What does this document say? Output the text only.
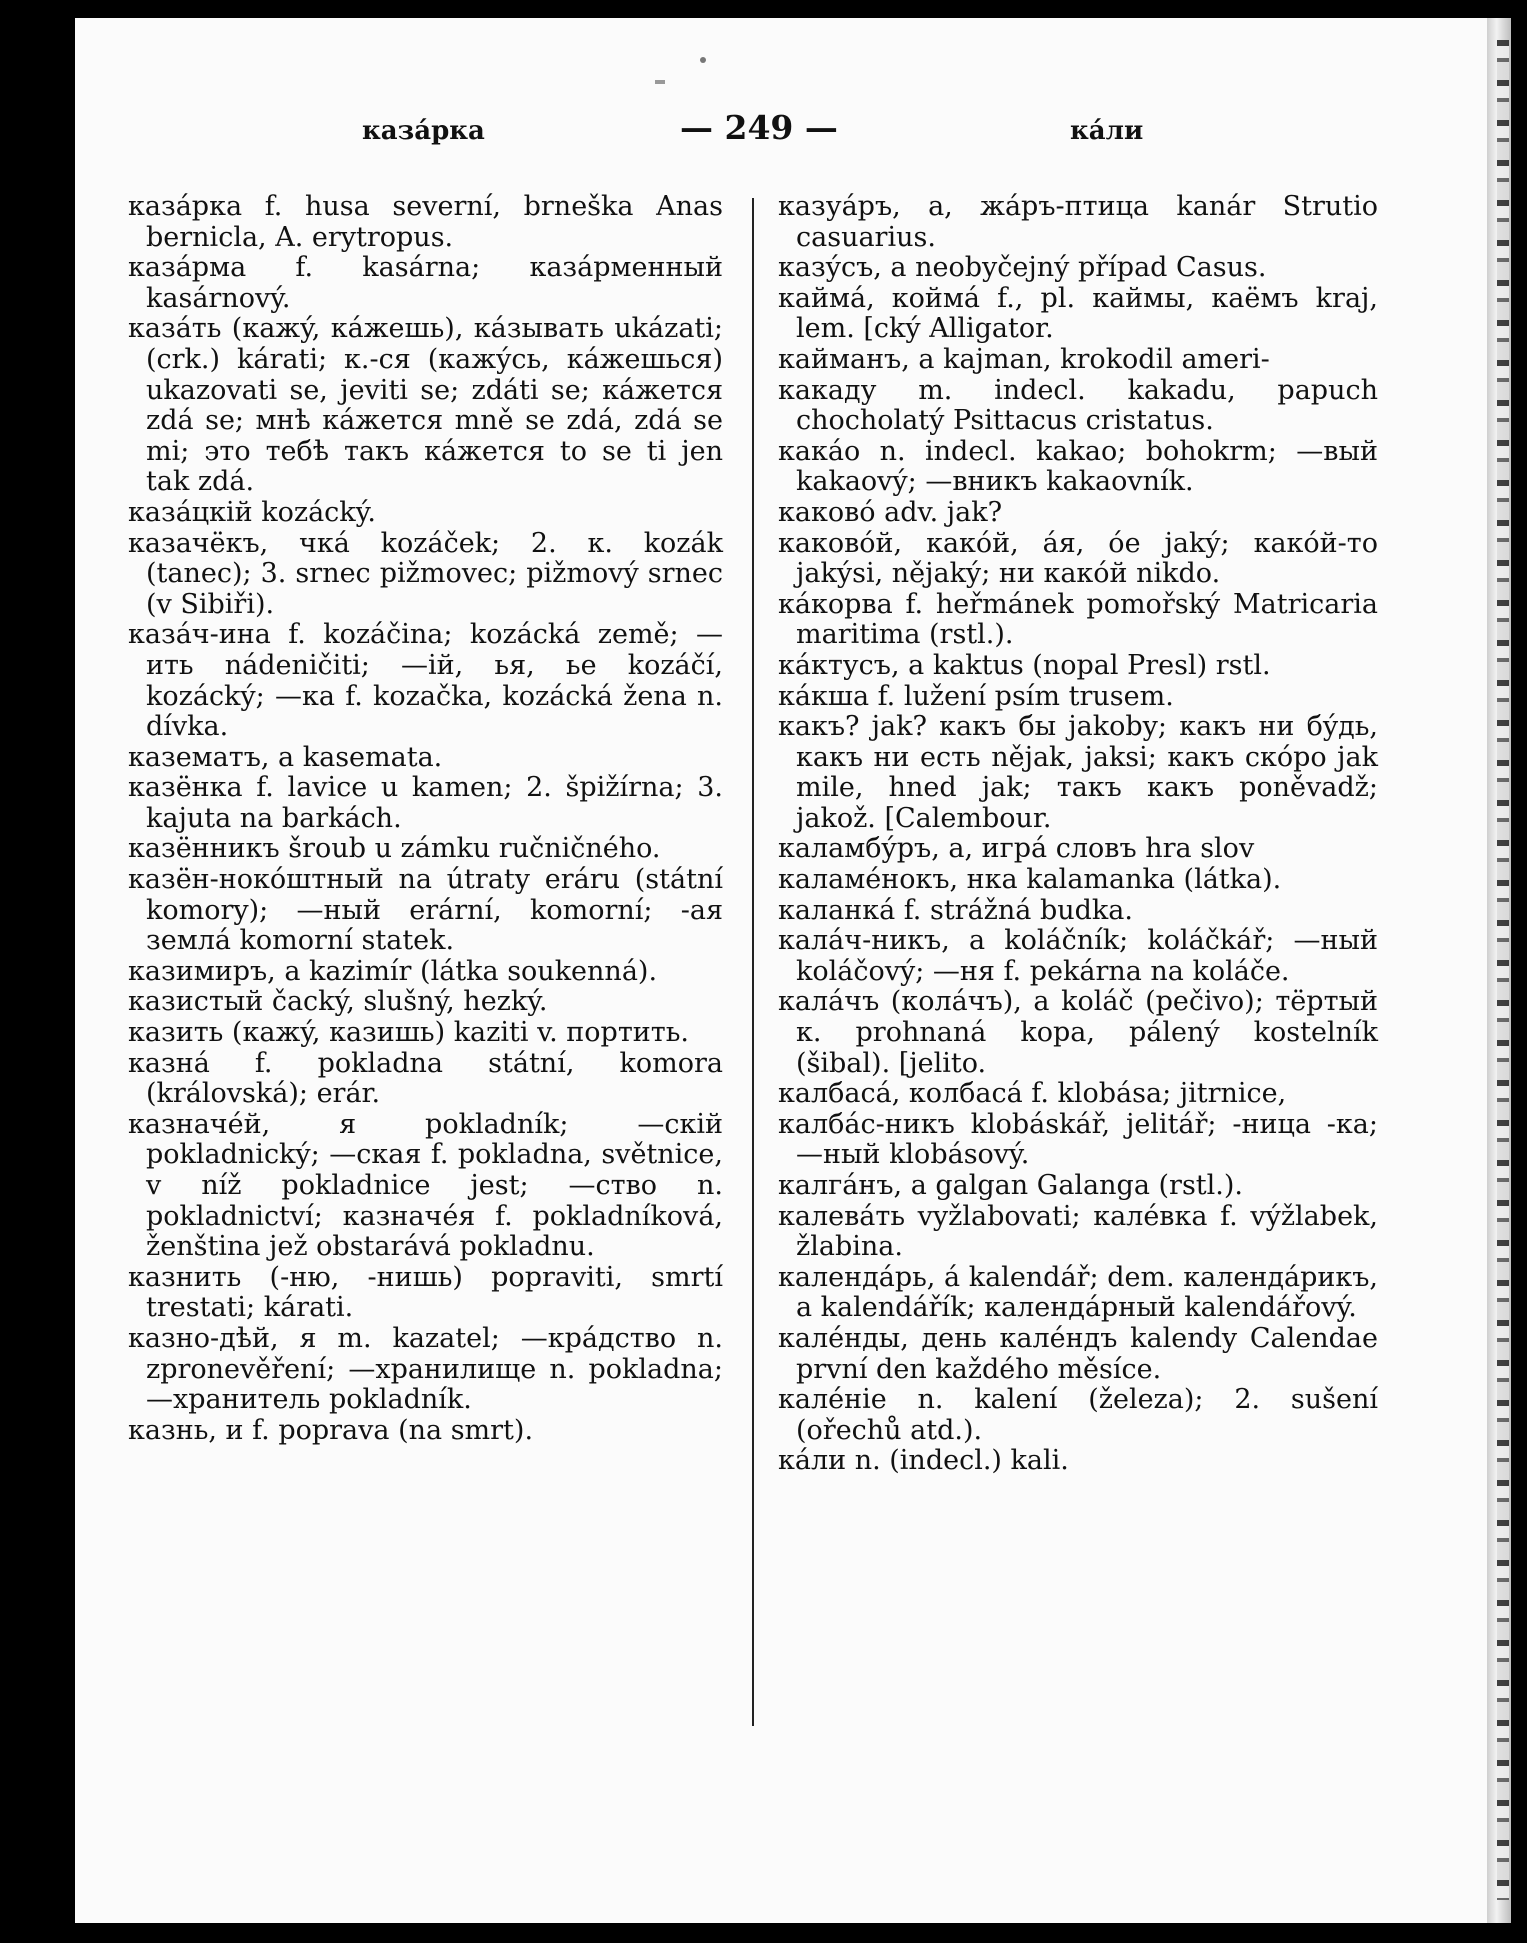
казáрка	— 249 —	кáли

казáрка f. husa severní, brneška Anas bernicla, A. erytropus.

казáрма f. kasárna; казáрменный kasárnový.

казáть (кажý, кáжешь), кáзывать ukázati; (crk.) kárati; к.-ся (кажýсь, кáжешься) ukazovati se, jeviti se; zdáti se; кáжется zdá se; мнѣ кáжется mně se zdá, zdá se mi; это тебѣ такъ кáжется to se ti jen tak zdá.

казáцкій kozácký.

казачёкъ, чкá kozáček; 2. к. kozák (tanec); 3. srnec pižmovec; pižmový srnec (v Sibiři).

казáч-ина f. kozáčina; kozácká země; —ить nádeničiti; —ій, ья, ье kozáčí, kozácký; —ка f. kozačka, kozácká žena n. dívka.

казематъ, а kasemata.

казёнка f. lavice u kamen; 2. špižírna; 3. kajuta na barkách.

казённикъ šroub u zámku ručničného.

казён-нокóштный na útraty eráru (státní komory); —ный erární, komorní; -ая землá komorní statek.

казимиръ, а kazimír (látka soukenná).

казистый čacký, slušný, hezký.

казить (кажý, казишь) kaziti v. портить.

казнá f. pokladna státní, komora (královská); erár.

казначéй, я pokladník; —скій pokladnický; —ская f. pokladna, světnice, v níž pokladnice jest; —ство n. pokladnictví; казначéя f. pokladníková, ženština jež obstarává pokladnu.

казнить (-ню, -нишь) popraviti, smrtí trestati; kárati.

казно-дѣй, я m. kazatel; —крáдство n. zpronevěření; —хранилище n. pokladna; —хранитель pokladník.

казнь, и f. poprava (na smrt).

казуáръ, а, жáръ-птица kanár Strutio casuarius.

казýсъ, а neobyčejný případ Casus.

каймá, коймá f., pl. каймы, каёмъ kraj, lem. [cký Alligator.

кайманъ, а kajman, krokodil ameri-

какаду m. indecl. kakadu, papuch chocholatý Psittacus cristatus.

какáо n. indecl. kakao; bohokrm; —вый kakaový; —вникъ kakaovník.

каковó adv. jak?

каковóй, какóй, áя, óе jaký; какóй-то jakýsi, nějaký; ни какóй nikdo.

кáкорва f. heřmánek pomořský Matricaria maritima (rstl.).

кáктусъ, а kaktus (nopal Presl) rstl.

кáкша f. lužení psím trusem.

какъ? jak? какъ бы jakoby; какъ ни бýдь, какъ ни есть nějak, jaksi; какъ скóро jak mile, hned jak; такъ какъ poněvadž; jakož. [Calembour.

каламбýръ, а, игрá словъ hra slov

каламéнокъ, нка kalamanka (látka).

каланкá f. strážná budka.

калáч-никъ, а koláčník; koláčkář; —ный koláčový; —ня f. pekárna na koláče.

калáчъ (колáчъ), а koláč (pečivo); тёртый к. prohnaná kopa, pálený kostelník (šibal). [jelito.

калбасá, колбасá f. klobása; jitrnice,

калбáс-никъ klobáskář, jelitář; -ница -ка; —ный klobásový.

калгáнъ, а galgan Galanga (rstl.).

калевáть vyžlabovati; калéвка f. výžlabek, žlabina.

календáрь, á kalendář; dem. календáрикъ, а kalendářík; календáрный kalendářový.

калéнды, день калéндъ kalendy Calendae první den každého měsíce.

калéніе n. kalení (železa); 2. sušení (ořechů atd.).

кáли n. (indecl.) kali.
